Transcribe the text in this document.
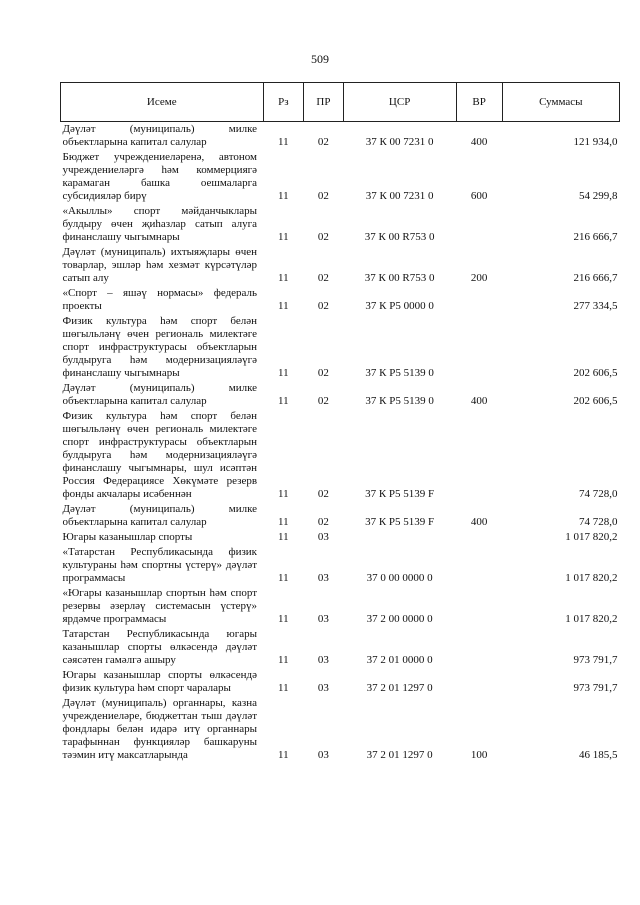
509
Исеме	Рз	ПР	ЦСР	ВР	Суммасы
Дәүләт (муниципаль) милке объектларына капитал салулар	11	02	37 К 00 7231 0	400	121 934,0
Бюджет учреждениеләренә, автоном учреждениеләргә һәм коммерциягә карамаган башка оешмаларга субсидияләр бирү	11	02	37 К 00 7231 0	600	54 299,8
«Акыллы» спорт мәйданчыклары булдыру өчен җиһазлар сатып алуга финанслашу чыгымнары	11	02	37 К 00 R753 0		216 666,7
Дәүләт (муниципаль) ихтыяҗлары өчен товарлар, эшләр һәм хезмәт күрсәтүләр сатып алу	11	02	37 К 00 R753 0	200	216 666,7
«Спорт – яшәү нормасы» федераль проекты	11	02	37 К Р5 0000 0		277 334,5
Физик культура һәм спорт белән шөгыльләнү өчен региональ милектәге спорт инфраструктурасы объектларын булдыруга һәм модернизацияләүгә финанслашу чыгымнары	11	02	37 К Р5 5139 0		202 606,5
Дәүләт (муниципаль) милке объектларына капитал салулар	11	02	37 К Р5 5139 0	400	202 606,5
Физик культура һәм спорт белән шөгыльләнү өчен региональ милектәге спорт инфраструктурасы объектларын булдыруга һәм модернизацияләүгә финанслашу чыгымнары, шул исәптән Россия Федерациясе Хөкүмәте резерв фонды акчалары исәбеннән	11	02	37 К Р5 5139 F		74 728,0
Дәүләт (муниципаль) милке объектларына капитал салулар	11	02	37 К Р5 5139 F	400	74 728,0
Югары казанышлар спорты	11	03			1 017 820,2
«Татарстан Республикасында физик культураны һәм спортны үстерү» дәүләт программасы	11	03	37 0 00 0000 0		1 017 820,2
«Югары казанышлар спортын һәм спорт резервы әзерләү системасын үстерү» ярдәмче программасы	11	03	37 2 00 0000 0		1 017 820,2
Татарстан Республикасында югары казанышлар спорты өлкәсендә дәүләт сәясәтен гамәлгә ашыру	11	03	37 2 01 0000 0		973 791,7
Югары казанышлар спорты өлкәсендә физик культура һәм спорт чаралары	11	03	37 2 01 1297 0		973 791,7
Дәүләт (муниципаль) органнары, казна учреждениеләре, бюджеттан тыш дәүләт фондлары белән идарә итү органнары тарафыннан функцияләр башкаруны тәэмин итү максатларында	11	03	37 2 01 1297 0	100	46 185,5
